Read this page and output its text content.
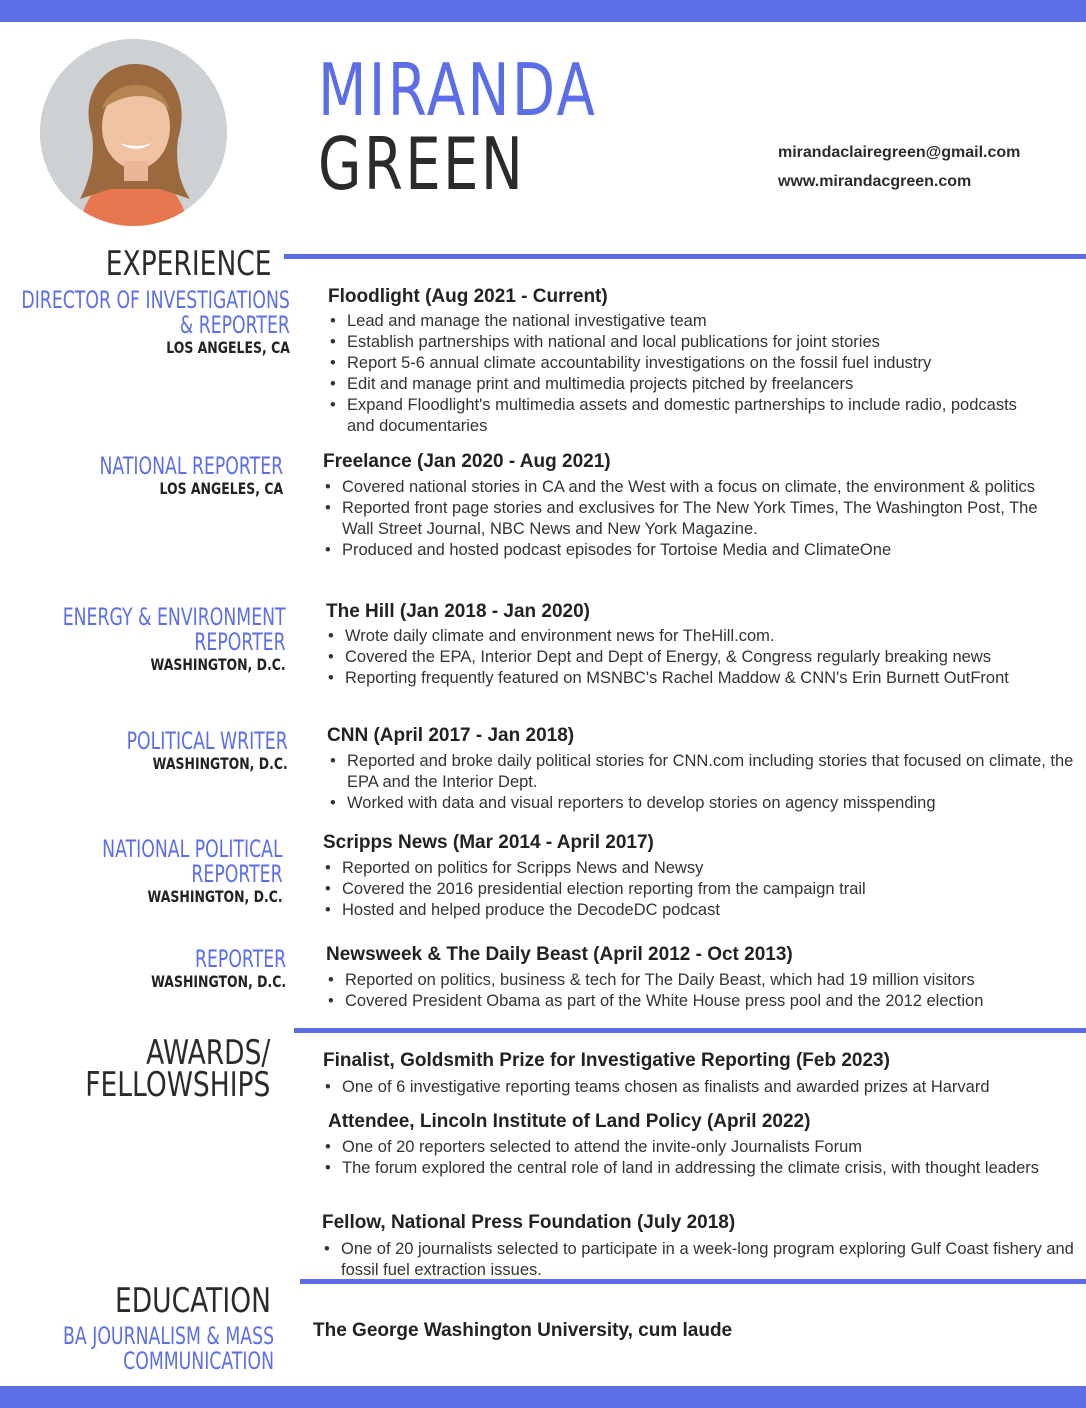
MIRANDA
GREEN	mirandaclairegreen@gmail.com
www.mirandacgreen.com
EXPERIENCE
DIRECTOR OF INVESTIGATIONS
& REPORTER
LOS ANGELES, CA
Floodlight (Aug 2021 - Current)
• Lead and manage the national investigative team
• Establish partnerships with national and local publications for joint stories
• Report 5-6 annual climate accountability investigations on the fossil fuel industry
• Edit and manage print and multimedia projects pitched by freelancers
• Expand Floodlight's multimedia assets and domestic partnerships to include radio, podcasts and documentaries
NATIONAL REPORTER
LOS ANGELES, CA
Freelance (Jan 2020 - Aug 2021)
• Covered national stories in CA and the West with a focus on climate, the environment & politics
• Reported front page stories and exclusives for The New York Times, The Washington Post, The Wall Street Journal, NBC News and New York Magazine.
• Produced and hosted podcast episodes for Tortoise Media and ClimateOne
ENERGY & ENVIRONMENT
REPORTER
WASHINGTON, D.C.
The Hill (Jan 2018 - Jan 2020)
• Wrote daily climate and environment news for TheHill.com.
• Covered the EPA, Interior Dept and Dept of Energy, & Congress regularly breaking news
• Reporting frequently featured on MSNBC's Rachel Maddow & CNN's Erin Burnett OutFront
POLITICAL WRITER
WASHINGTON, D.C.
CNN (April 2017 - Jan 2018)
• Reported and broke daily political stories for CNN.com including stories that focused on climate, the EPA and the Interior Dept.
• Worked with data and visual reporters to develop stories on agency misspending
NATIONAL POLITICAL
REPORTER
WASHINGTON, D.C.
Scripps News (Mar 2014 - April 2017)
• Reported on politics for Scripps News and Newsy
• Covered the 2016 presidential election reporting from the campaign trail
• Hosted and helped produce the DecodeDC podcast
REPORTER
WASHINGTON, D.C.
Newsweek & The Daily Beast (April 2012 - Oct 2013)
• Reported on politics, business & tech for The Daily Beast, which had 19 million visitors
• Covered President Obama as part of the White House press pool and the 2012 election
AWARDS/
FELLOWSHIPS
Finalist, Goldsmith Prize for Investigative Reporting (Feb 2023)
• One of 6 investigative reporting teams chosen as finalists and awarded prizes at Harvard
Attendee, Lincoln Institute of Land Policy (April 2022)
• One of 20 reporters selected to attend the invite-only Journalists Forum
• The forum explored the central role of land in addressing the climate crisis, with thought leaders
Fellow, National Press Foundation (July 2018)
• One of 20 journalists selected to participate in a week-long program exploring Gulf Coast fishery and fossil fuel extraction issues.
EDUCATION
BA JOURNALISM & MASS
COMMUNICATION
The George Washington University, cum laude
